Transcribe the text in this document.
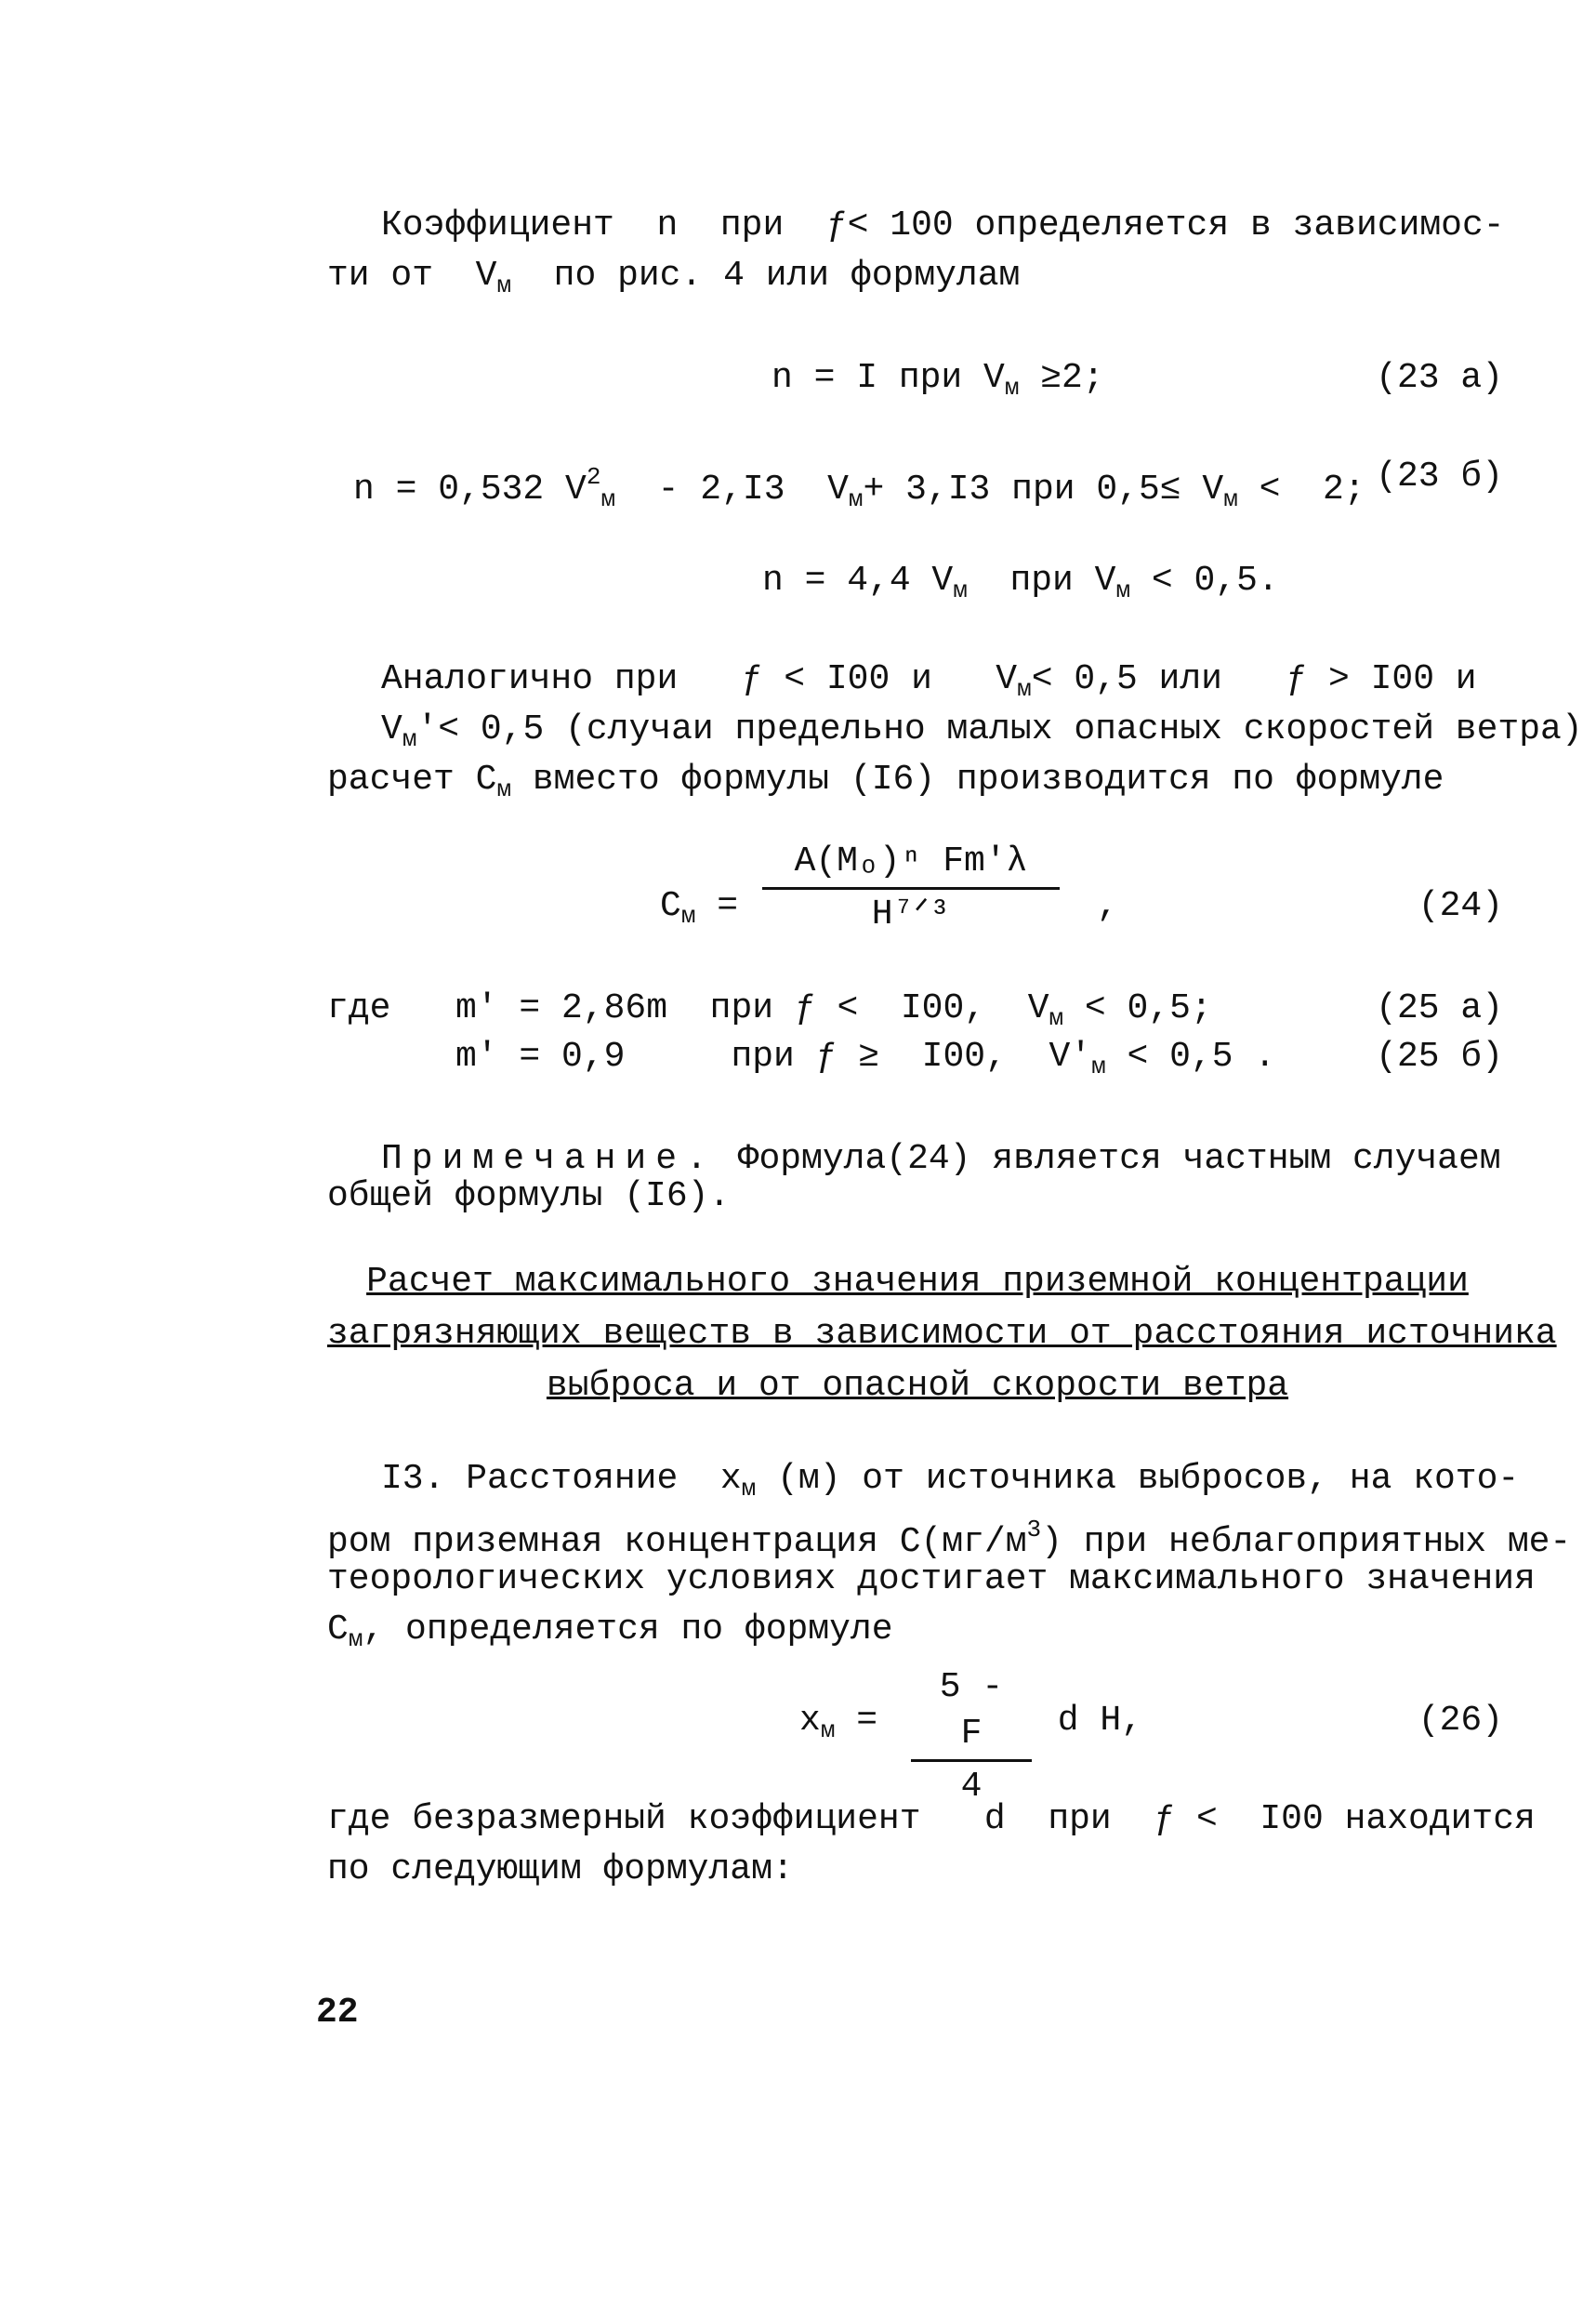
Коэффициент  n  при  ƒ< 100 определяется в зависимос-
ти от  $V_м$  по рис. 4 или формулам
n = I при $V_м \ge 2$;	(23 а)
n = 0,532 $V^2_м - 2,I3$  $V_м+ 3,I3$ при $0,5\le V_м < 2$; (23 б)
n = 4,4 $V_м$  при $V_м < 0,5$.
Аналогично при   ƒ < I00 и   $V_м< 0,5$ или   ƒ > I00 и
$V_м'< 0,5$ (случаи предельно малых опасных скоростей ветра)
расчет $C_м$ вместо формулы (I6) производится по формуле
$C_м$ =
A(Mₒ)ⁿ Fm'λ
H⁷ᐟ³	,	(24)
где m' = 2,86m  при ƒ <  I00,  $V_м < 0,5$;	(25 а)
m' = 0,9     при ƒ ≥  I00,  $V'_м < 0,5$ .	(25 б)
Примечание. Формула(24) является частным случаем
общей формулы (I6).
Расчет максимального значения приземной концентрации
загрязняющих веществ в зависимости от расстояния источника
выброса и от опасной скорости ветра
I3. Расстояние  $x_м$ (м) от источника выбросов, на кото-
ром приземная концентрация $C(мг/м^3)$ при неблагоприятных ме-
теорологических условиях достигает максимального значения
$C_м$, определяется по формуле
$x_м$ =
5 - F
4
d H,	(26)
где безразмерный коэффициент   d  при  ƒ <  I00 находится
по следующим формулам:
22
